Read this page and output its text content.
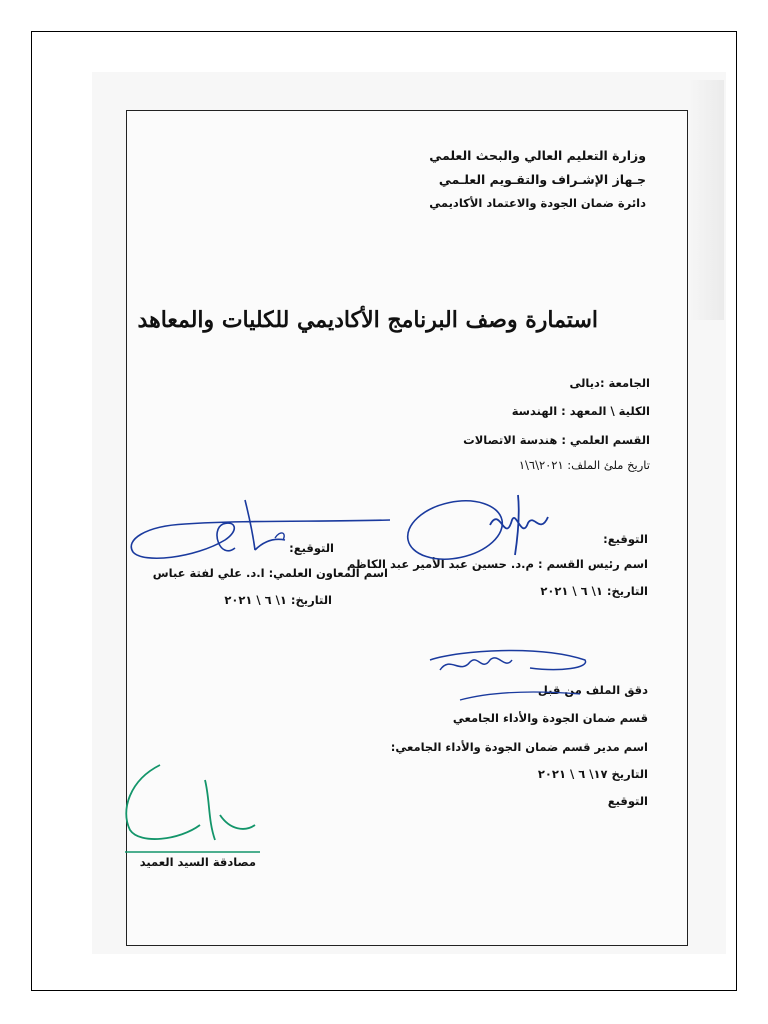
وزارة التعليم العالي والبحث العلمي
جـهاز الإشـراف والتقـويم العلـمي
دائرة ضمان الجودة والاعتماد الأكاديمي
استمارة وصف البرنامج الأكاديمي للكليات والمعاهد
الجامعة :ديالى
الكلية \ المعهد : الهندسة
القسم العلمي : هندسة الاتصالات
تاريخ ملئ الملف: ٢٠٢١\٦\١
التوقيع:
اسم رئيس القسم : م.د. حسين عبد الأمير عبد الكاظم
التاريخ: ١\ ٦ \ ٢٠٢١
التوقيع:
اسم المعاون العلمي: ا.د. علي لفتة عباس
التاريخ: ١\ ٦ \ ٢٠٢١
دقق الملف من قبل
قسم ضمان الجودة والأداء الجامعي
اسم مدير قسم ضمان الجودة والأداء الجامعي:
التاريخ ١٧\ ٦ \ ٢٠٢١
التوقيع
مصادقة السيد العميد
